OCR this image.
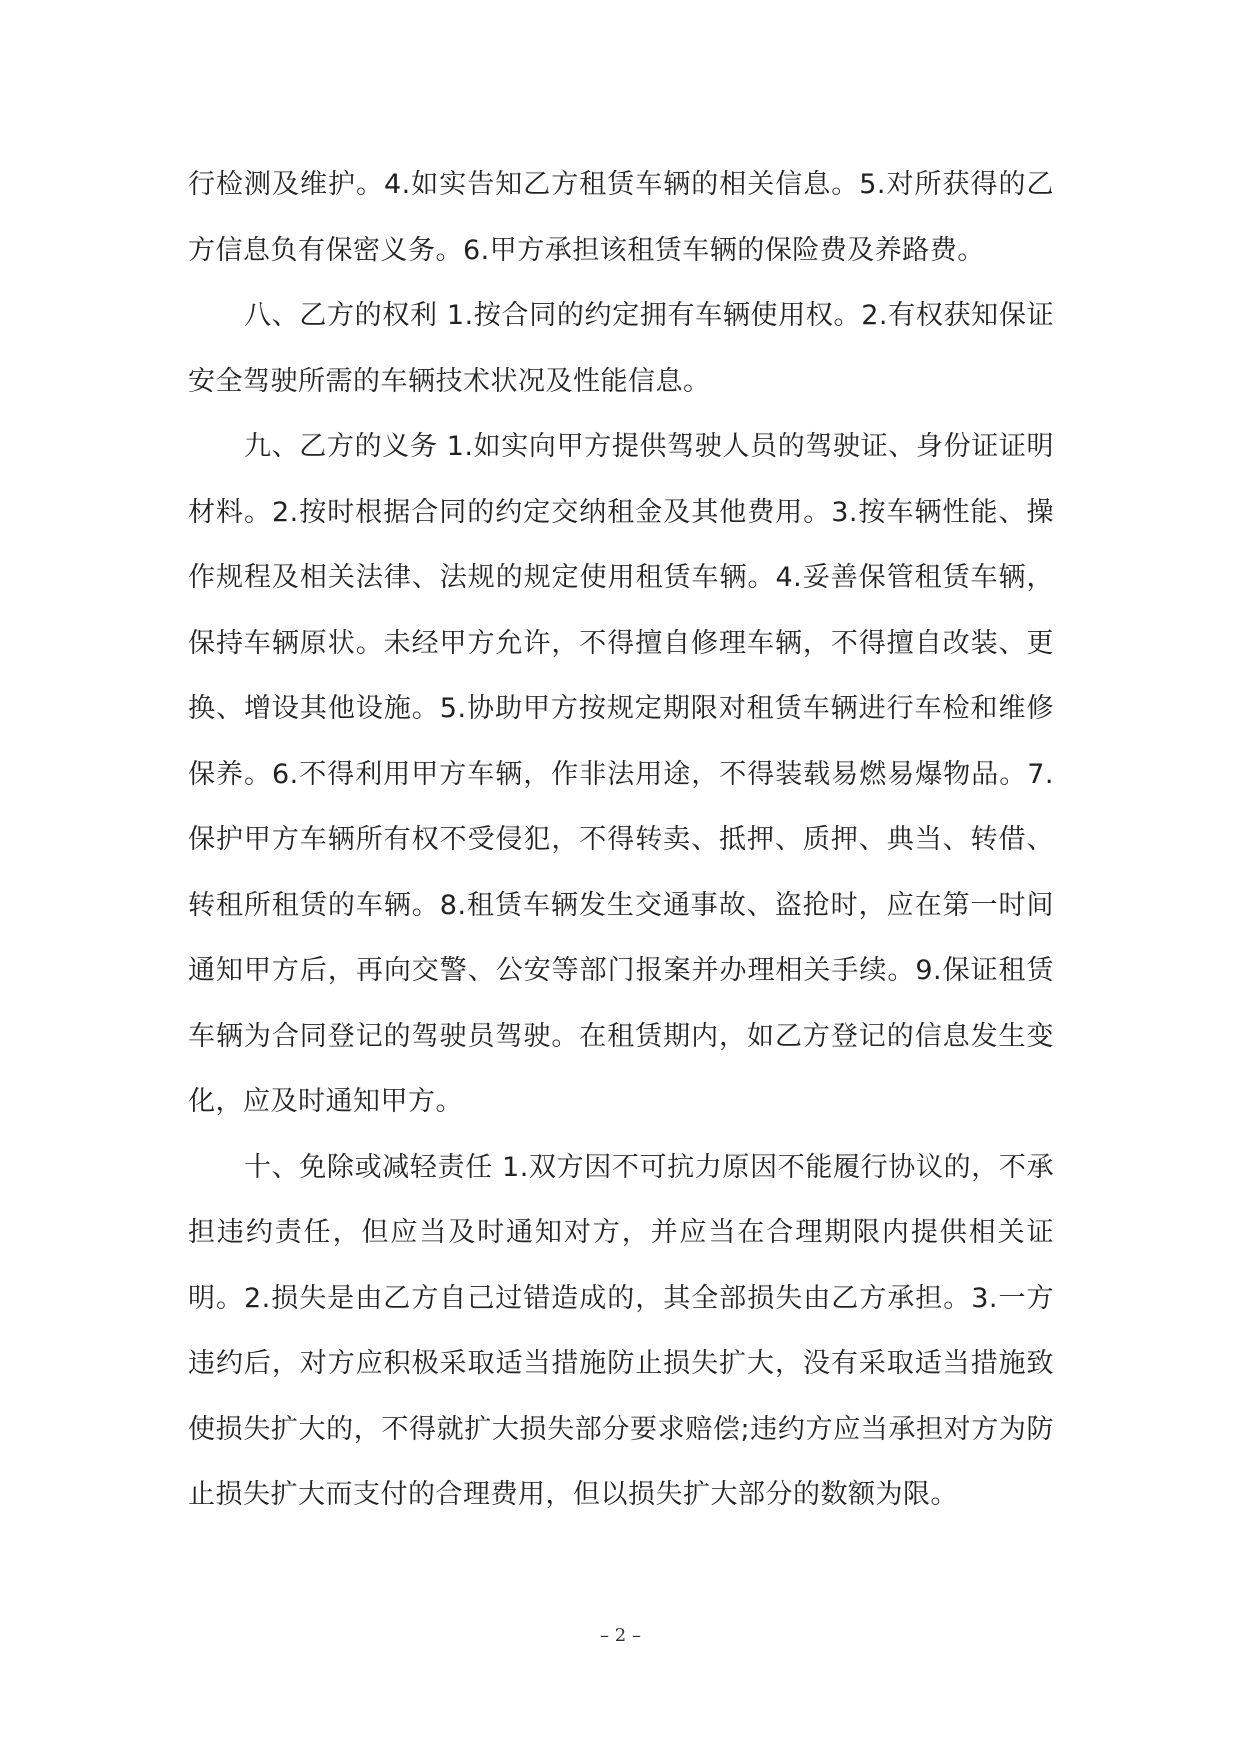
行检测及维护。4.如实告知乙方租赁车辆的相关信息。5.对所获得的乙方信息负有保密义务。6.甲方承担该租赁车辆的保险费及养路费。

八、乙方的权利 1.按合同的约定拥有车辆使用权。2.有权获知保证安全驾驶所需的车辆技术状况及性能信息。

九、乙方的义务 1.如实向甲方提供驾驶人员的驾驶证、身份证证明材料。2.按时根据合同的约定交纳租金及其他费用。3.按车辆性能、操作规程及相关法律、法规的规定使用租赁车辆。4.妥善保管租赁车辆，保持车辆原状。未经甲方允许，不得擅自修理车辆，不得擅自改装、更换、增设其他设施。5.协助甲方按规定期限对租赁车辆进行车检和维修保养。6.不得利用甲方车辆，作非法用途，不得装载易燃易爆物品。7.保护甲方车辆所有权不受侵犯，不得转卖、抵押、质押、典当、转借、转租所租赁的车辆。8.租赁车辆发生交通事故、盗抢时，应在第一时间通知甲方后，再向交警、公安等部门报案并办理相关手续。9.保证租赁车辆为合同登记的驾驶员驾驶。在租赁期内，如乙方登记的信息发生变化，应及时通知甲方。

十、免除或减轻责任 1.双方因不可抗力原因不能履行协议的，不承担违约责任，但应当及时通知对方，并应当在合理期限内提供相关证明。2.损失是由乙方自己过错造成的，其全部损失由乙方承担。3.一方违约后，对方应积极采取适当措施防止损失扩大，没有采取适当措施致使损失扩大的，不得就扩大损失部分要求赔偿;违约方应当承担对方为防止损失扩大而支付的合理费用，但以损失扩大部分的数额为限。

– 2 –
